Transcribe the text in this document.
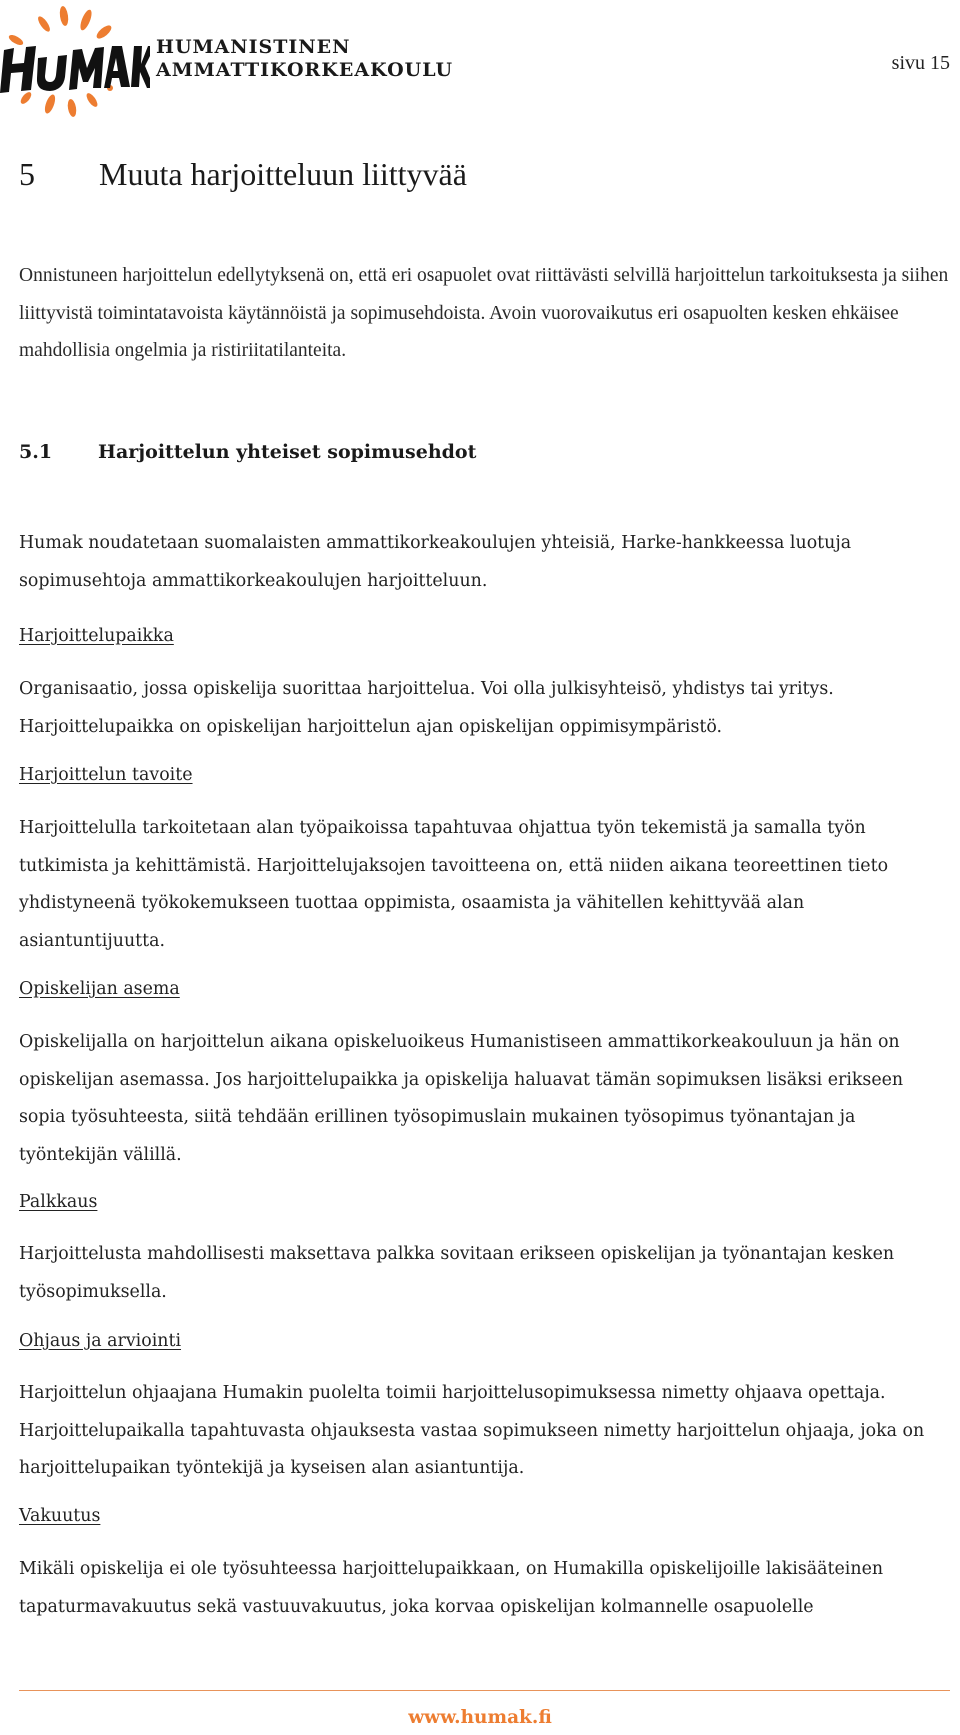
HUMANISTINEN
AMMATTIKORKEAKOULU	sivu 15
5 Muuta harjoitteluun liittyvää
Onnistuneen harjoittelun edellytyksenä on, että eri osapuolet ovat riittävästi selvillä harjoittelun tarkoituksesta ja siihen liittyvistä toimintatavoista käytännöistä ja sopimusehdoista. Avoin vuorovaikutus eri osapuolten kesken ehkäisee mahdollisia ongelmia ja ristiriitatilanteita.
5.1 Harjoittelun yhteiset sopimusehdot
Humak noudatetaan suomalaisten ammattikorkeakoulujen yhteisiä, Harke-hankkeessa luotuja sopimusehtoja ammattikorkeakoulujen harjoitteluun.
Harjoittelupaikka
Organisaatio, jossa opiskelija suorittaa harjoittelua. Voi olla julkisyhteisö, yhdistys tai yritys. Harjoittelupaikka on opiskelijan harjoittelun ajan opiskelijan oppimisympäristö.
Harjoittelun tavoite
Harjoittelulla tarkoitetaan alan työpaikoissa tapahtuvaa ohjattua työn tekemistä ja samalla työn tutkimista ja kehittämistä. Harjoittelujaksojen tavoitteena on, että niiden aikana teoreettinen tieto yhdistyneenä työkokemukseen tuottaa oppimista, osaamista ja vähitellen kehittyvää alan asiantuntijuutta.
Opiskelijan asema
Opiskelijalla on harjoittelun aikana opiskeluoikeus Humanistiseen ammattikorkeakouluun ja hän on opiskelijan asemassa. Jos harjoittelupaikka ja opiskelija haluavat tämän sopimuksen lisäksi erikseen sopia työsuhteesta, siitä tehdään erillinen työsopimuslain mukainen työsopimus työnantajan ja työntekijän välillä.
Palkkaus
Harjoittelusta mahdollisesti maksettava palkka sovitaan erikseen opiskelijan ja työnantajan kesken työsopimuksella.
Ohjaus ja arviointi
Harjoittelun ohjaajana Humakin puolelta toimii harjoittelusopimuksessa nimetty ohjaava opettaja. Harjoittelupaikalla tapahtuvasta ohjauksesta vastaa sopimukseen nimetty harjoittelun ohjaaja, joka on harjoittelupaikan työntekijä ja kyseisen alan asiantuntija.
Vakuutus
Mikäli opiskelija ei ole työsuhteessa harjoittelupaikkaan, on Humakilla opiskelijoille lakisääteinen tapaturmavakuutus sekä vastuuvakuutus, joka korvaa opiskelijan kolmannelle osapuolelle
www.humak.fi
